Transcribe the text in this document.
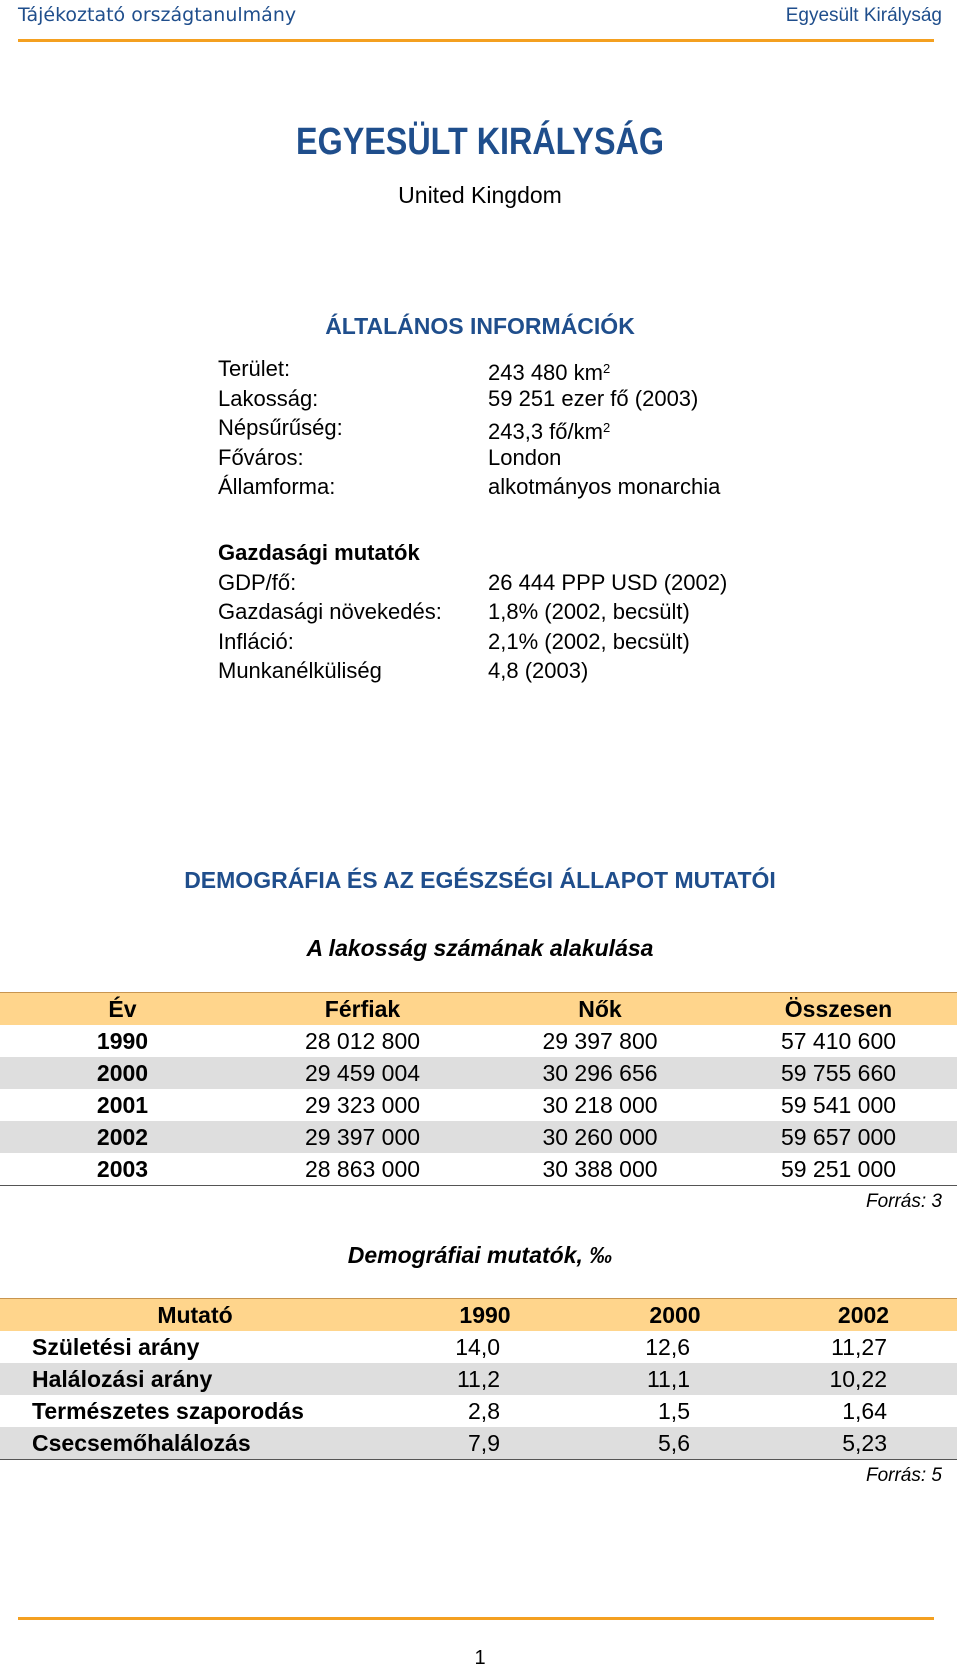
Tájékoztató országtanulmány	Egyesült Királyság
EGYESÜLT KIRÁLYSÁG
United Kingdom
ÁLTALÁNOS INFORMÁCIÓK
Terület:	243 480 $km^2$
Lakosság:	59 251 ezer fő (2003)
Népsűrűség:	243,3 $fő/km^2$
Főváros:	London
Államforma:	alkotmányos monarchia
Gazdasági mutatók
GDP/fő:	26 444 PPP USD (2002)
Gazdasági növekedés: 1,8% (2002, becsült)
Infláció:	2,1% (2002, becsült)
Munkanélküliség	4,8 (2003)
DEMOGRÁFIA ÉS AZ EGÉSZSÉGI ÁLLAPOT MUTATÓI
A lakosság számának alakulása
Év	Férfiak	Nők	Összesen
1990	28 012 800	29 397 800	57 410 600
2000	29 459 004	30 296 656	59 755 660
2001	29 323 000	30 218 000	59 541 000
2002	29 397 000	30 260 000	59 657 000
2003	28 863 000	30 388 000	59 251 000
Forrás: 3
Demográfiai mutatók, ‰
Mutató	1990	2000	2002
Születési arány	14,0	12,6	11,27
Halálozási arány	11,2	11,1	10,22
Természetes szaporodás	2,8	1,5	1,64
Csecsemőhalálozás	7,9	5,6	5,23
Forrás: 5
1
